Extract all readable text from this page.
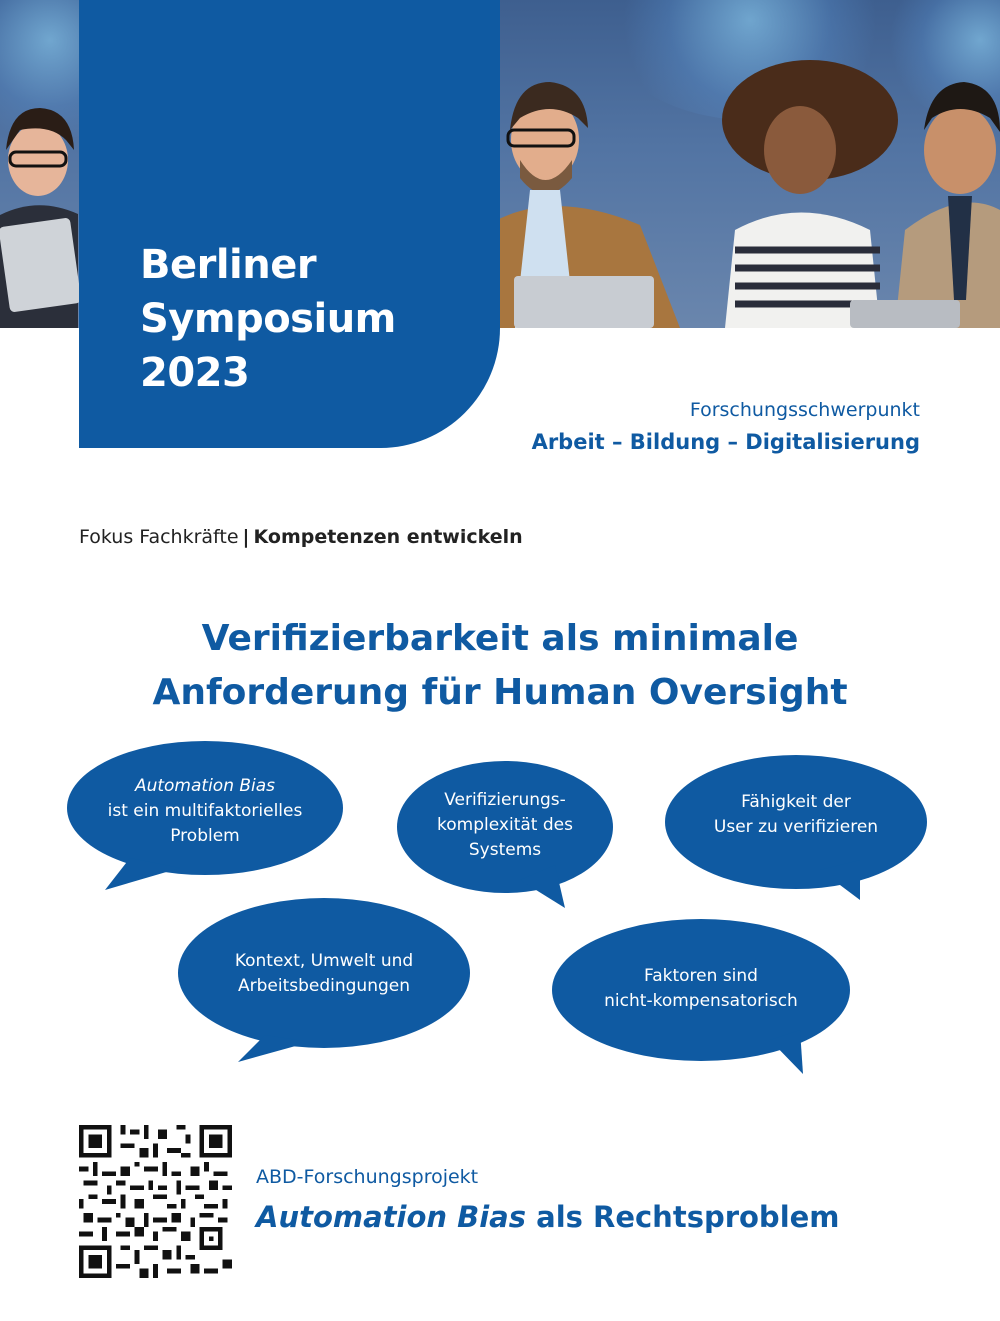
Berliner
Symposium
2023
Forschungsschwerpunkt
Arbeit – Bildung – Digitalisierung
Fokus Fachkräfte | Kompetenzen entwickeln
Verifizierbarkeit als minimale
Anforderung für Human Oversight
Automation Bias
ist ein multifaktorielles
Problem
Verifizierungs-
komplexität des
Systems
Fähigkeit der
User zu verifizieren
Kontext, Umwelt und
Arbeitsbedingungen	Faktoren sind
nicht-kompensatorisch
ABD-Forschungsprojekt
Automation Bias als Rechtsproblem
